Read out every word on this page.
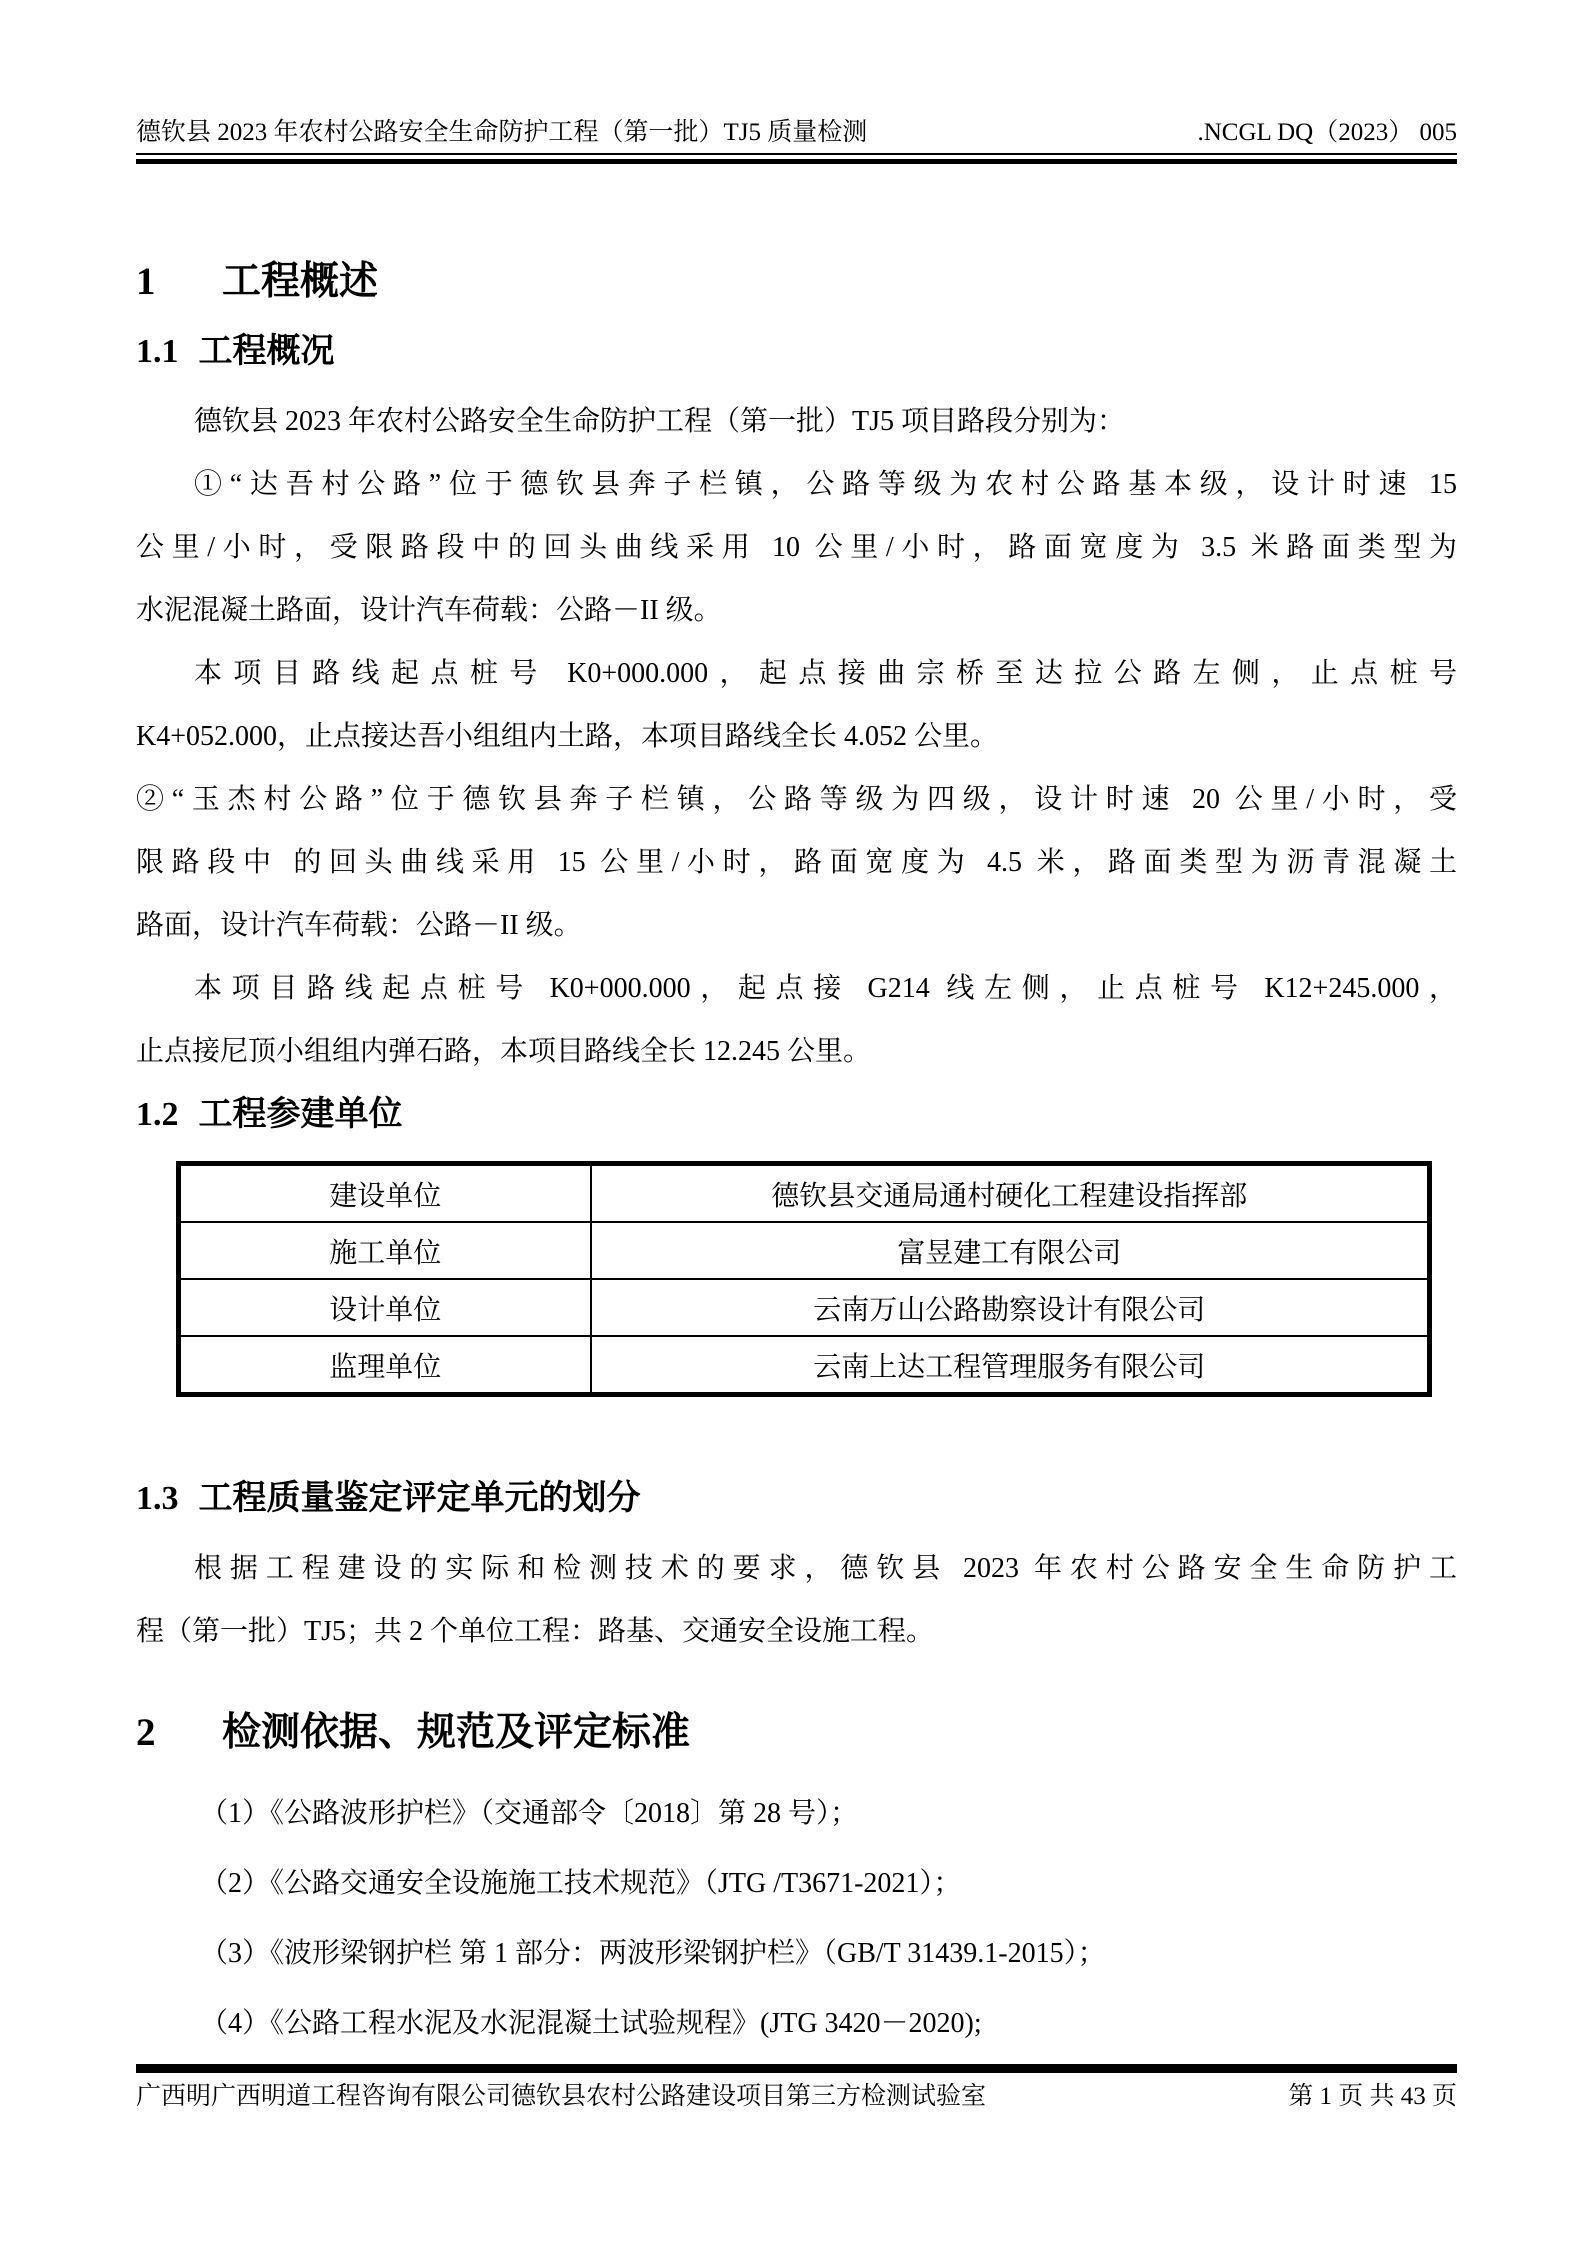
德钦县 2023 年农村公路安全生命防护工程（第一批）TJ5 质量检测	.NCGL DQ（2023） 005

1 工程概述

1.1 工程概况

德钦县 2023 年农村公路安全生命防护工程（第一批）TJ5 项目路段分别为：
①“达吾村公路”位于德钦县奔子栏镇，公路等级为农村公路基本级，设计时速 15
公里/小时，受限路段中的回头曲线采用 10 公里/小时，路面宽度为 3.5 米路面类型为
水泥混凝土路面，设计汽车荷载：公路－II 级。
本项目路线起点桩号 K0+000.000，起点接曲宗桥至达拉公路左侧，止点桩号
K4+052.000，止点接达吾小组组内土路，本项目路线全长 4.052 公里。
②“玉杰村公路”位于德钦县奔子栏镇，公路等级为四级，设计时速 20 公里/小时，受
限路段中 的回头曲线采用 15 公里/小时，路面宽度为 4.5 米，路面类型为沥青混凝土
路面，设计汽车荷载：公路－II 级。
本项目路线起点桩号 K0+000.000，起点接 G214 线左侧，止点桩号 K12+245.000，
止点接尼顶小组组内弹石路，本项目路线全长 12.245 公里。

1.2 工程参建单位

建设单位	德钦县交通局通村硬化工程建设指挥部
施工单位	富昱建工有限公司
设计单位	云南万山公路勘察设计有限公司
监理单位	云南上达工程管理服务有限公司

1.3 工程质量鉴定评定单元的划分

根据工程建设的实际和检测技术的要求，德钦县 2023 年农村公路安全生命防护工
程（第一批）TJ5；共 2 个单位工程：路基、交通安全设施工程。

2 检测依据、规范及评定标准

（1）《公路波形护栏》（交通部令〔2018〕第 28 号）；
（2）《公路交通安全设施施工技术规范》（JTG /T3671-2021）；
（3）《波形梁钢护栏 第 1 部分：两波形梁钢护栏》（GB/T 31439.1-2015）；
（4）《公路工程水泥及水泥混凝土试验规程》(JTG 3420－2020);
广西明广西明道工程咨询有限公司德钦县农村公路建设项目第三方检测试验室	第 1 页 共 43 页
